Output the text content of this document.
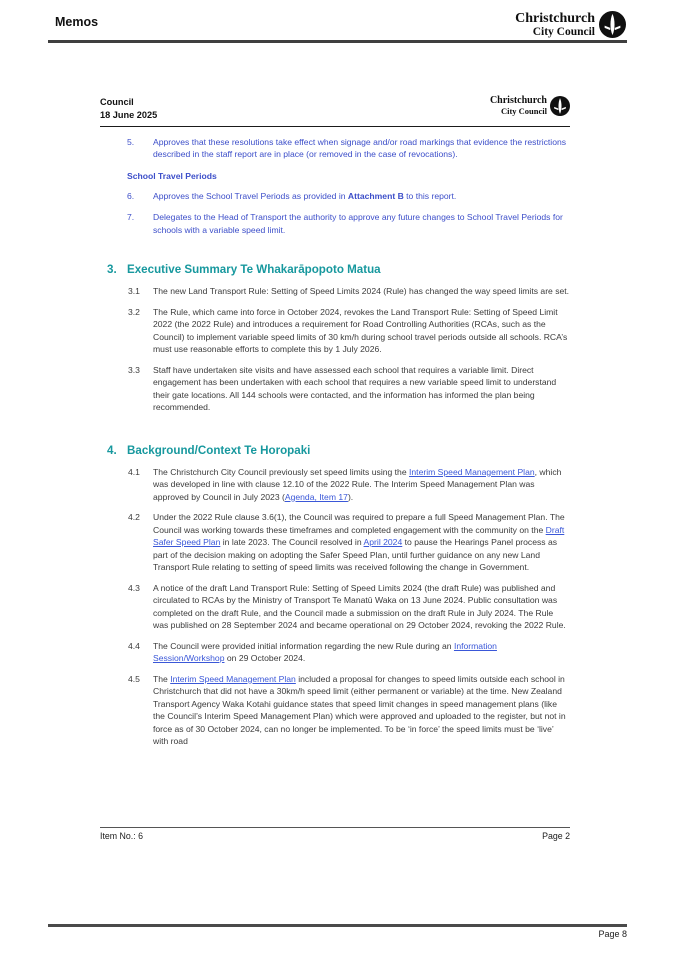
Memos	Christchurch
City Council
Council
18 June 2025
Christchurch
City Council
5.	Approves that these resolutions take effect when signage and/or road markings that evidence the restrictions described in the staff report are in place (or removed in the case of revocations).
School Travel Periods
6.	Approves the School Travel Periods as provided in Attachment B to this report.
7.	Delegates to the Head of Transport the authority to approve any future changes to School Travel Periods for schools with a variable speed limit.
3. Executive Summary Te Whakarāpopoto Matua
3.1	The new Land Transport Rule: Setting of Speed Limits 2024 (Rule) has changed the way speed limits are set.
3.2	The Rule, which came into force in October 2024, revokes the Land Transport Rule: Setting of Speed Limit 2022 (the 2022 Rule) and introduces a requirement for Road Controlling Authorities (RCAs, such as the Council) to implement variable speed limits of 30 km/h during school travel periods outside all schools. RCA’s must use reasonable efforts to complete this by 1 July 2026.
3.3	Staff have undertaken site visits and have assessed each school that requires a variable limit. Direct engagement has been undertaken with each school that requires a new variable speed limit to understand their gate locations. All 144 schools were contacted, and the information has informed the plan being recommended.
4. Background/Context Te Horopaki
4.1	The Christchurch City Council previously set speed limits using the Interim Speed Management Plan, which was developed in line with clause 12.10 of the 2022 Rule. The Interim Speed Management Plan was approved by Council in July 2023 (Agenda, Item 17).
4.2	Under the 2022 Rule clause 3.6(1), the Council was required to prepare a full Speed Management Plan. The Council was working towards these timeframes and completed engagement with the community on the Draft Safer Speed Plan in late 2023. The Council resolved in April 2024 to pause the Hearings Panel process as part of the decision making on adopting the Safer Speed Plan, until further guidance on any new Land Transport Rule relating to setting of speed limits was received following the change in Government.
4.3	A notice of the draft Land Transport Rule: Setting of Speed Limits 2024 (the draft Rule) was published and circulated to RCAs by the Ministry of Transport Te Manatū Waka on 13 June 2024. Public consultation was completed on the draft Rule, and the Council made a submission on the draft Rule in July 2024. The Rule was published on 28 September 2024 and became operational on 29 October 2024, revoking the 2022 Rule.
4.4	The Council were provided initial information regarding the new Rule during an Information Session/Workshop on 29 October 2024.
4.5	The Interim Speed Management Plan included a proposal for changes to speed limits outside each school in Christchurch that did not have a 30km/h speed limit (either permanent or variable) at the time. New Zealand Transport Agency Waka Kotahi guidance states that speed limit changes in speed management plans (like the Council’s Interim Speed Management Plan) which were approved and uploaded to the register, but not in force as of 30 October 2024, can no longer be implemented. To be ‘in force’ the speed limits must be ‘live’ with road
Item No.: 6	Page 2
Page 8
